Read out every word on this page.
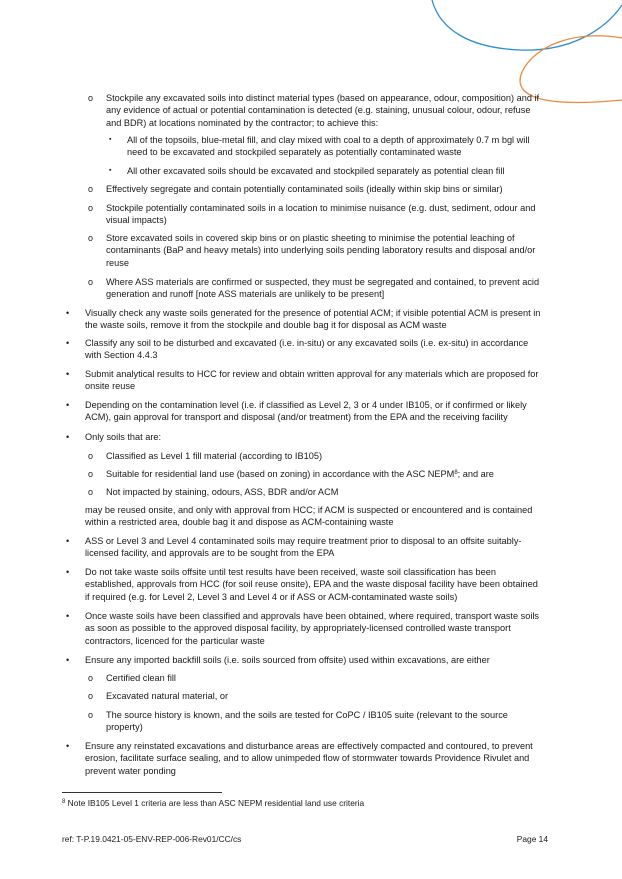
o Stockpile any excavated soils into distinct material types (based on appearance, odour, composition) and if
any evidence of actual or potential contamination is detected (e.g. staining, unusual colour, odour, refuse
and BDR) at locations nominated by the contractor; to achieve this:
▪ All of the topsoils, blue-metal fill, and clay mixed with coal to a depth of approximately 0.7 m bgl will
need to be excavated and stockpiled separately as potentially contaminated waste
▪ All other excavated soils should be excavated and stockpiled separately as potential clean fill
o Effectively segregate and contain potentially contaminated soils (ideally within skip bins or similar)
o Stockpile potentially contaminated soils in a location to minimise nuisance (e.g. dust, sediment, odour and
visual impacts)
o Store excavated soils in covered skip bins or on plastic sheeting to minimise the potential leaching of
contaminants (BaP and heavy metals) into underlying soils pending laboratory results and disposal and/or
reuse
o Where ASS materials are confirmed or suspected, they must be segregated and contained, to prevent acid
generation and runoff [note ASS materials are unlikely to be present]
• Visually check any waste soils generated for the presence of potential ACM; if visible potential ACM is present in
the waste soils, remove it from the stockpile and double bag it for disposal as ACM waste
• Classify any soil to be disturbed and excavated (i.e. in-situ) or any excavated soils (i.e. ex-situ) in accordance
with Section 4.4.3
• Submit analytical results to HCC for review and obtain written approval for any materials which are proposed for
onsite reuse
• Depending on the contamination level (i.e. if classified as Level 2, 3 or 4 under IB105, or if confirmed or likely
ACM), gain approval for transport and disposal (and/or treatment) from the EPA and the receiving facility
• Only soils that are:
o Classified as Level 1 fill material (according to IB105)
o Suitable for residential land use (based on zoning) in accordance with the ASC NEPM$^8$; and are
o Not impacted by staining, odours, ASS, BDR and/or ACM
may be reused onsite, and only with approval from HCC; if ACM is suspected or encountered and is contained
within a restricted area, double bag it and dispose as ACM-containing waste
• ASS or Level 3 and Level 4 contaminated soils may require treatment prior to disposal to an offsite suitably-
licensed facility, and approvals are to be sought from the EPA
• Do not take waste soils offsite until test results have been received, waste soil classification has been
established, approvals from HCC (for soil reuse onsite), EPA and the waste disposal facility have been obtained
if required (e.g. for Level 2, Level 3 and Level 4 or if ASS or ACM-contaminated waste soils)
• Once waste soils have been classified and approvals have been obtained, where required, transport waste soils
as soon as possible to the approved disposal facility, by appropriately-licensed controlled waste transport
contractors, licenced for the particular waste
• Ensure any imported backfill soils (i.e. soils sourced from offsite) used within excavations, are either
o Certified clean fill
o Excavated natural material, or
o The source history is known, and the soils are tested for CoPC / IB105 suite (relevant to the source
property)
• Ensure any reinstated excavations and disturbance areas are effectively compacted and contoured, to prevent
erosion, facilitate surface sealing, and to allow unimpeded flow of stormwater towards Providence Rivulet and
prevent water ponding
$^8$ Note IB105 Level 1 criteria are less than ASC NEPM residential land use criteria
ref: T-P.19.0421-05-ENV-REP-006-Rev01/CC/cs	Page 14
